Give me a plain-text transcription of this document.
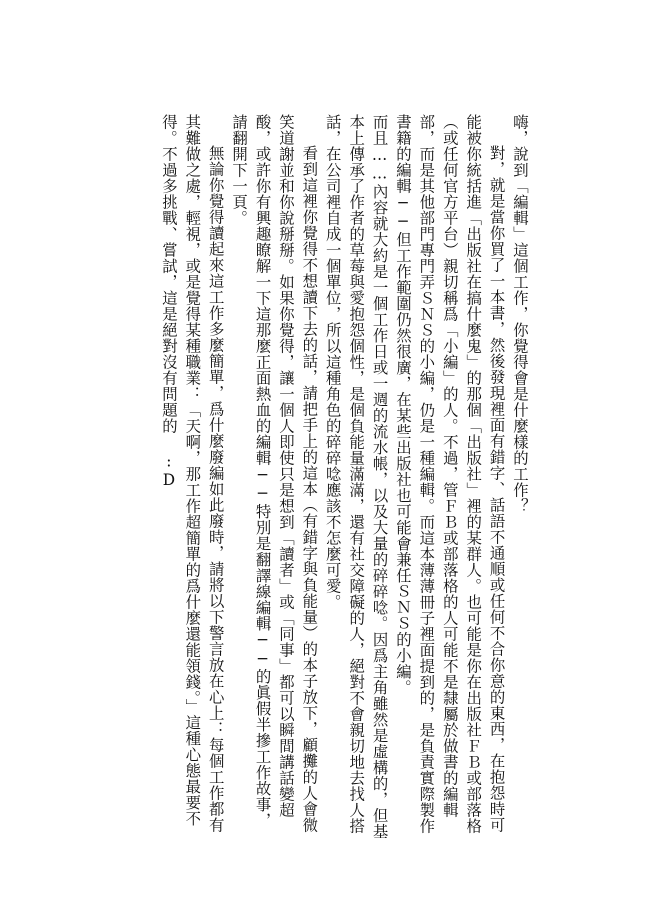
嗨，說到「編輯」這個工作，你覺得會是什麼樣的工作？

對，就是當你買了一本書，然後發現裡面有錯字、話語不通順或任何不合你意的東西，在抱怨時可能被你統括進「出版社在搞什麼鬼」的那個「出版社」裡的某群人。也可能是你在出版社ＦＢ或部落格（或任何官方平台）親切稱爲「小編」的人。不過，管ＦＢ或部落格的人可能不是隸屬於做書的編輯部，而是其他部門專門弄ＳＮＳ的小編，仍是一種編輯。而這本薄薄冊子裡面提到的，是負責實際製作書籍的編輯──但工作範圍仍然很廣，在某些出版社也可能會兼任ＳＮＳ的小編。

而且……內容就大約是一個工作日或一週的流水帳，以及大量的碎碎唸。因爲主角雖然是虛構的，但基本上傳承了作者的草莓與愛抱怨個性，是個負能量滿滿，還有社交障礙的人，絕對不會親切地去找人搭話，在公司裡自成一個單位，所以這種角色的碎碎唸應該不怎麼可愛。

看到這裡你覺得不想讀下去的話，請把手上的這本（有錯字與負能量）的本子放下，顧攤的人會微笑道謝並和你說掰掰。如果你覺得，讓一個人即使只是想到「讀者」或「同事」都可以瞬間講話變超酸，或許你有興趣瞭解一下這那麼正面熱血的編輯──特別是翻譯線編輯──的眞假半摻工作故事，請翻開下一頁。

無論你覺得讀起來這工作多麼簡單，爲什麼廢編如此廢時，請將以下警言放在心上：每個工作都有其難做之處，輕視，或是覺得某種職業：「天啊，那工作超簡單的爲什麼還能領錢。」這種心態最要不得。不過多挑戰、嘗試，這是絕對沒有問題的 :D
